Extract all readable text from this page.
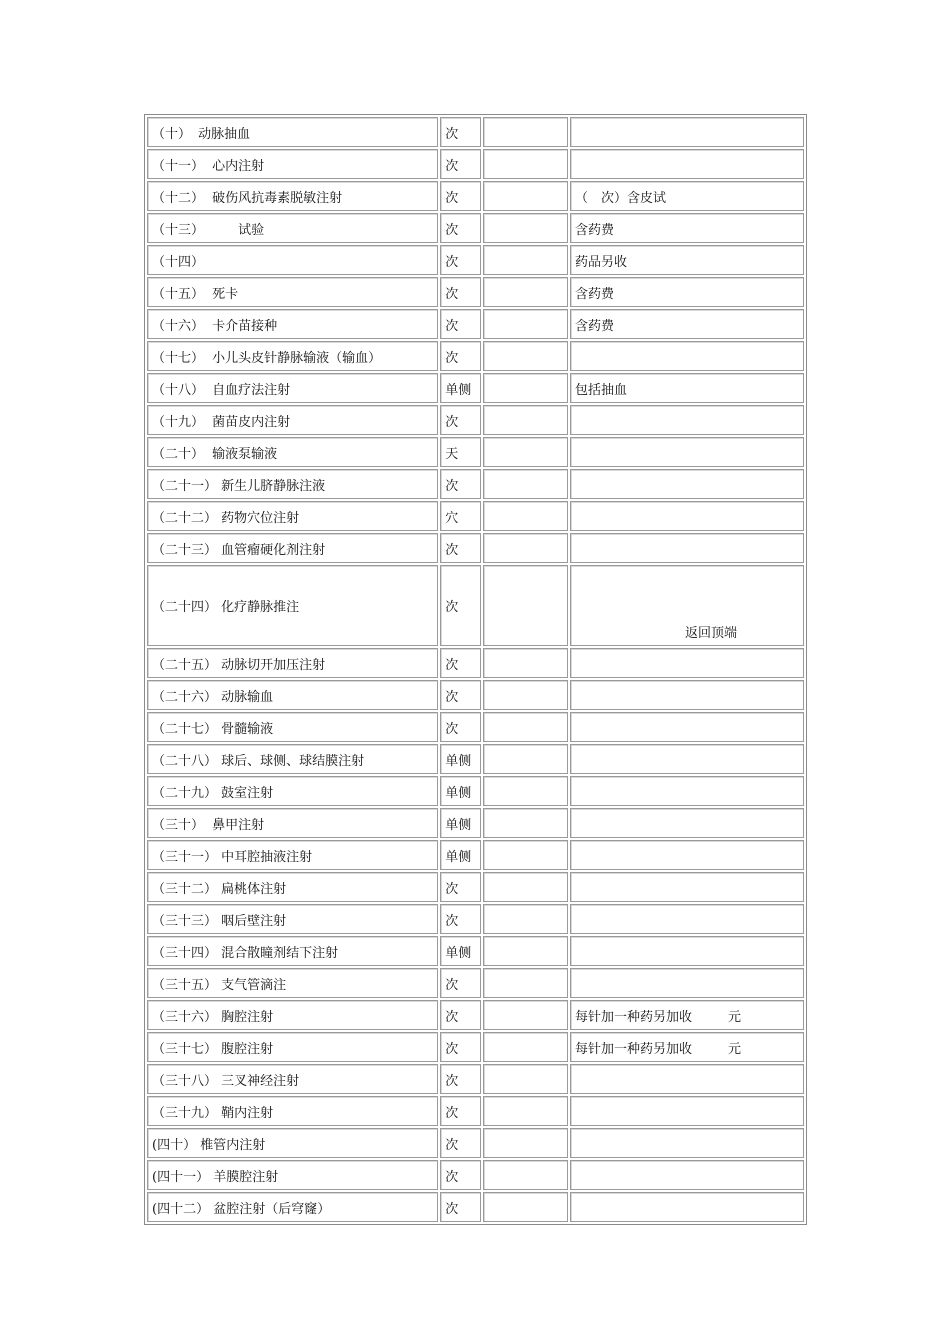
（十） 动脉抽血	次		
（十一） 心内注射	次		
（十二） 破伤风抗毒素脱敏注射	次		（　次）含皮试
（十三） 　　试验	次		含药费
（十四）	次		药品另收
（十五） 死卡	次		含药费
（十六） 卡介苗接种	次		含药费
（十七） 小儿头皮针静脉输液（输血）	次		
（十八） 自血疗法注射	单侧		包括抽血
（十九） 菌苗皮内注射	次		
（二十） 输液泵输液	天		
（二十一） 新生儿脐静脉注液	次		
（二十二） 药物穴位注射	穴		
（二十三） 血管瘤硬化剂注射	次		
（二十四） 化疗静脉推注	次		返回顶端

（二十五） 动脉切开加压注射	次		
（二十六） 动脉输血	次		
（二十七） 骨髓输液	次		
（二十八） 球后、球侧、球结膜注射	单侧		
（二十九） 鼓室注射	单侧		
（三十） 鼻甲注射	单侧		
（三十一） 中耳腔抽液注射	单侧		
（三十二） 扁桃体注射	次		
（三十三） 咽后壁注射	次		
（三十四） 混合散瞳剂结下注射	单侧		
（三十五） 支气管滴注	次		
（三十六） 胸腔注射	次		每针加一种药另加收 元
（三十七） 腹腔注射	次		每针加一种药另加收 元
（三十八） 三叉神经注射	次		
（三十九） 鞘内注射	次		
(四十） 椎管内注射	次		
(四十一） 羊膜腔注射	次		
(四十二） 盆腔注射（后穹窿）	次		
